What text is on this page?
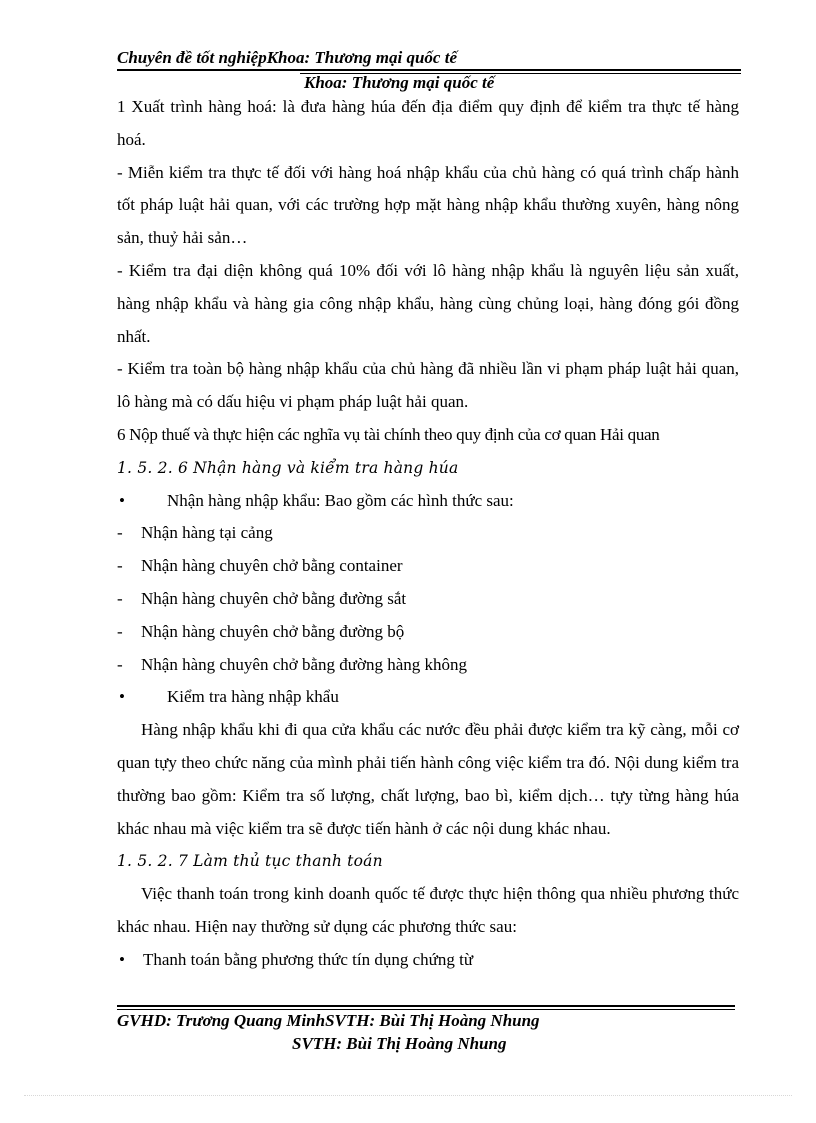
Chuyên đề tốt nghiệpKhoa: Thương mại quốc tế
Khoa: Thương mại quốc tế

1 Xuất trình hàng hoá: là đưa hàng húa đến địa điểm quy định để kiểm tra thực tế hàng hoá.

- Miễn kiểm tra thực tế đối với hàng hoá nhập khẩu của chủ hàng có quá trình chấp hành tốt pháp luật hải quan, với các trường hợp mặt hàng nhập khẩu thường xuyên, hàng nông sản, thuỷ hải sản…

- Kiểm tra đại diện không quá 10% đối với lô hàng nhập khẩu là nguyên liệu sản xuất, hàng nhập khẩu và hàng gia công nhập khẩu, hàng cùng chủng loại, hàng đóng gói đồng nhất.

- Kiểm tra toàn bộ hàng nhập khẩu của chủ hàng đã nhiều lần vi phạm pháp luật hải quan, lô hàng mà có dấu hiệu vi phạm pháp luật hải quan.

6 Nộp thuế và thực hiện các nghĩa vụ tài chính theo quy định của cơ quan Hải quan

1. 5. 2. 6 Nhận hàng và kiểm tra hàng húa

•	Nhận hàng nhập khẩu: Bao gồm các hình thức sau:
-	Nhận hàng tại cảng
-	Nhận hàng chuyên chở bằng container
-	Nhận hàng chuyên chở bằng đường sắt
-	Nhận hàng chuyên chở bằng đường bộ
-	Nhận hàng chuyên chở bằng đường hàng không
•	Kiểm tra hàng nhập khẩu

Hàng nhập khẩu khi đi qua cửa khẩu các nước đều phải được kiểm tra kỹ càng, mỗi cơ quan tựy theo chức năng của mình phải tiến hành công việc kiểm tra đó. Nội dung kiểm tra thường bao gồm: Kiểm tra số lượng, chất lượng, bao bì, kiểm dịch… tựy từng hàng húa khác nhau mà việc kiểm tra sẽ được tiến hành ở các nội dung khác nhau.

1. 5. 2. 7 Làm thủ tục thanh toán

Việc thanh toán trong kinh doanh quốc tế được thực hiện thông qua nhiều phương thức khác nhau. Hiện nay thường sử dụng các phương thức sau:

•	Thanh toán bằng phương thức tín dụng chứng từ
GVHD: Trương Quang MinhSVTH: Bùi Thị Hoàng Nhung
SVTH: Bùi Thị Hoàng Nhung
